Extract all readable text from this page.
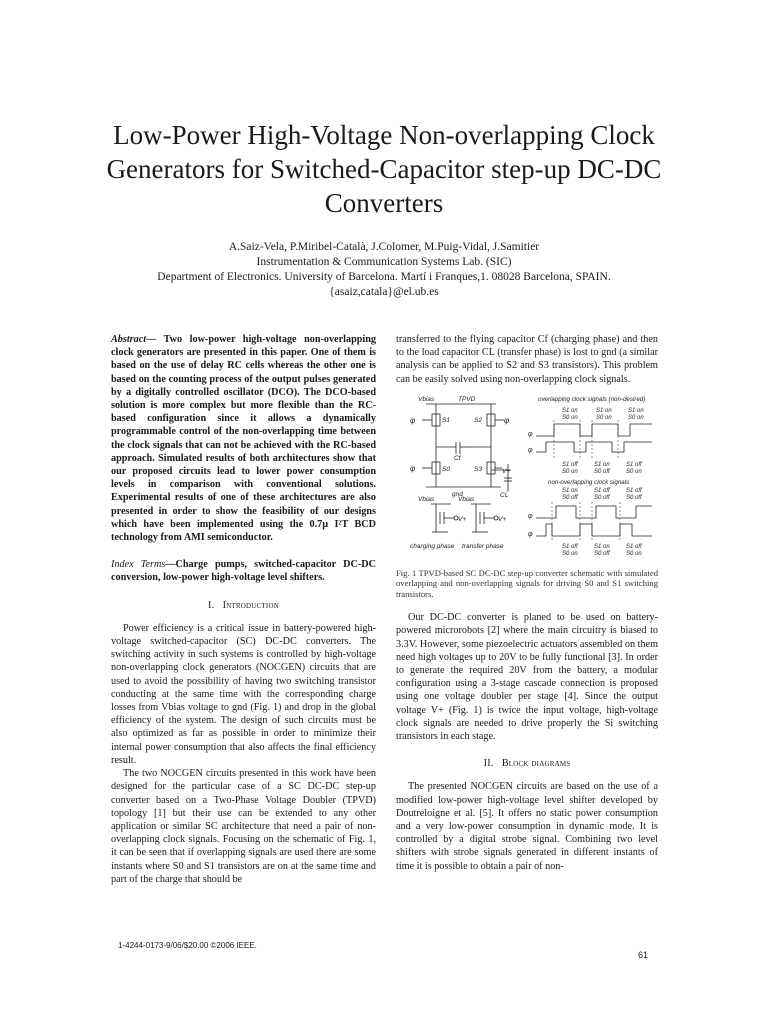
Low-Power High-Voltage Non-overlapping Clock Generators for Switched-Capacitor step-up DC-DC Converters
A.Saiz-Vela, P.Miribel-Català, J.Colomer, M.Puig-Vidal, J.Samitier
Instrumentation & Communication Systems Lab. (SIC)
Department of Electronics. University of Barcelona. Martí i Franques,1. 08028 Barcelona, SPAIN.
{asaiz,catala}@el.ub.es

Abstract— Two low-power high-voltage non-overlapping clock generators are presented in this paper. One of them is based on the use of delay RC cells whereas the other one is based on the counting process of the output pulses generated by a digitally controlled oscillator (DCO). The DCO-based solution is more complex but more flexible than the RC-based configuration since it allows a dynamically programmable control of the non-overlapping time between the clock signals that can not be achieved with the RC-based approach. Simulated results of both architectures show that our proposed circuits lead to lower power consumption levels in comparison with conventional solutions. Experimental results of one of these architectures are also presented in order to show the feasibility of our designs which have been implemented using the 0.7µ I²T BCD technology from AMI semiconductor.

Index Terms—Charge pumps, switched-capacitor DC-DC conversion, low-power high-voltage level shifters.

I. Introduction

Power efficiency is a critical issue in battery-powered high-voltage switched-capacitor (SC) DC-DC converters. The switching activity in such systems is controlled by high-voltage non-overlapping clock generators (NOCGEN) circuits that are used to avoid the possibility of having two switching transistor conducting at the same time with the corresponding charge losses from Vbias voltage to gnd (Fig. 1) and drop in the global efficiency of the system. The design of such circuits must be also optimized as far as possible in order to minimize their internal power consumption that also affects the final efficiency result.

The two NOCGEN circuits presented in this work have been designed for the particular case of a SC DC-DC step-up converter based on a Two-Phase Voltage Doubler (TPVD) topology [1] but their use can be extended to any other application or similar SC architecture that need a pair of non-overlapping clock signals. Focusing on the schematic of Fig. 1, it can be seen that if overlapping signals are used there are some instants where S0 and S1 transistors are on at the same time and part of the charge that should be

transferred to the flying capacitor Cf (charging phase) and then to the load capacitor CL (transfer phase) is lost to gnd (a similar analysis can be applied to S2 and S3 transistors). This problem can be easily solved using non-overlapping clock signals.

Vbias	TPVD
S1	S2
S0	S3
Cf
CL
gnd
V+
φ
φ
φ
Vbias	Vbias
V+	V+
charging phase transfer phase
overlapping clock signals (non-desired)
S1 on	S1 on	S1 on
S0 on	S0 on	S0 on
φ
φ
S1 off	S1 on	S1 off
S0 on	S0 off	S0 on
non-overlapping clock signals
S1 on	S1 off	S1 off
S0 off	S0 off	S0 off
φ
φ
S1 off	S1 on	S1 off
S0 on	S0 off	S0 on

Fig. 1 TPVD-based SC DC-DC step-up converter schematic with simulated overlapping and non-overlapping signals for driving S0 and S1 switching transistors.

Our DC-DC converter is planed to be used on battery-powered microrobots [2] where the main circuitry is biased to 3.3V. However, some piezoelectric actuators assembled on them need high voltages up to 20V to be fully functional [3]. In order to generate the required 20V from the battery, a modular configuration using a 3-stage cascade connection is proposed using one voltage doubler per stage [4]. Since the output voltage V+ (Fig. 1) is twice the input voltage, high-voltage clock signals are needed to drive properly the Si switching transistors in each stage.

II. Block diagrams

The presented NOCGEN circuits are based on the use of a modified low-power high-voltage level shifter developed by Doutreloigne et al. [5]. It offers no static power consumption and a very low-power consumption in dynamic mode. It is controlled by a digital strobe signal. Combining two level shifters with strobe signals generated in different instants of time it is possible to obtain a pair of non-

1-4244-0173-9/06/$20.00 ©2006 IEEE.
61
